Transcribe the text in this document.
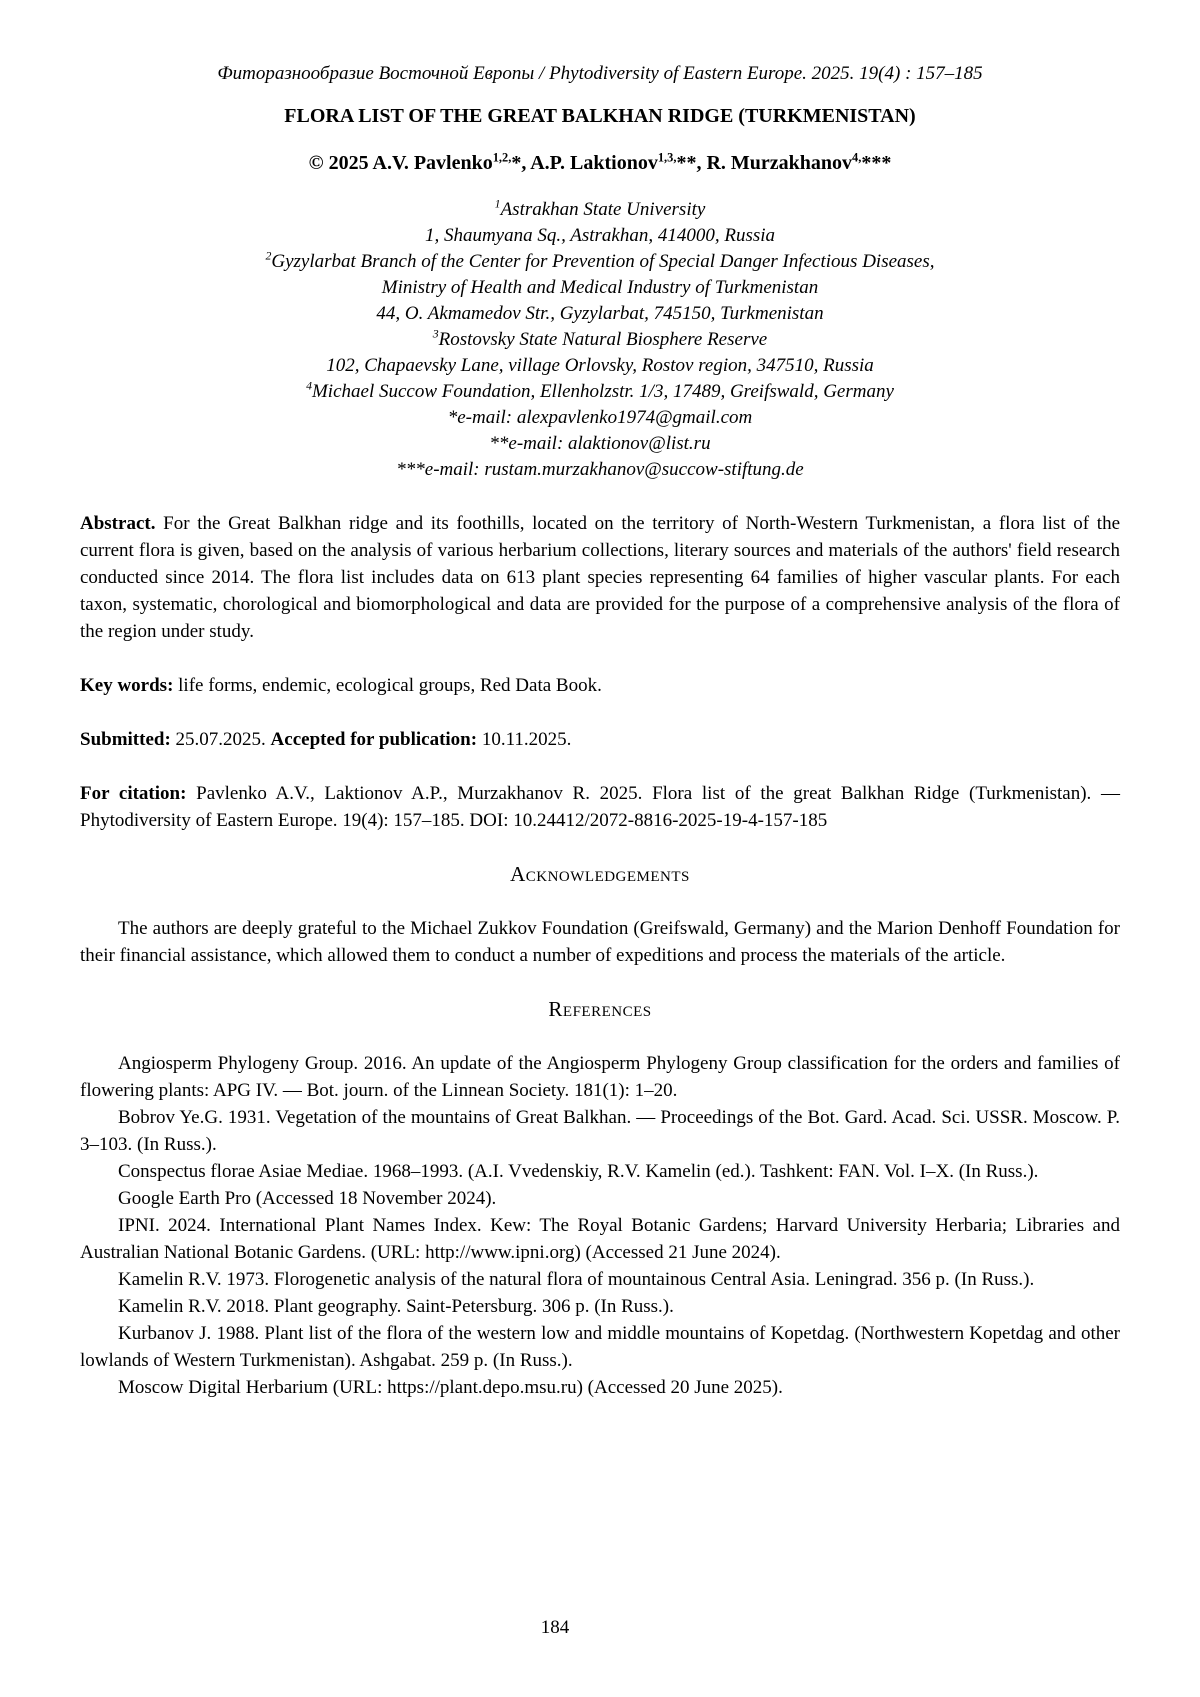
Фиторазнообразие Восточной Европы / Phytodiversity of Eastern Europe. 2025. 19(4) : 157–185
FLORA LIST OF THE GREAT BALKHAN RIDGE (TURKMENISTAN)
© 2025 A.V. Pavlenko$^{1,2,}$*, A.P. Laktionov$^{1,3,}$**, R. Murzakhanov$^{4,}$***
$^1$Astrakhan State University
1, Shaumyana Sq., Astrakhan, 414000, Russia
$^2$Gyzylarbat Branch of the Center for Prevention of Special Danger Infectious Diseases,
Ministry of Health and Medical Industry of Turkmenistan
44, O. Akmamedov Str., Gyzylarbat, 745150, Turkmenistan
$^3$Rostovsky State Natural Biosphere Reserve
102, Chapaevsky Lane, village Orlovsky, Rostov region, 347510, Russia
$^4$Michael Succow Foundation, Ellenholzstr. 1/3, 17489, Greifswald, Germany
*e-mail: alexpavlenko1974@gmail.com
**e-mail: alaktionov@list.ru
***e-mail: rustam.murzakhanov@succow-stiftung.de

Abstract. For the Great Balkhan ridge and its foothills, located on the territory of North-Western Turkmenistan, a flora list of the current flora is given, based on the analysis of various herbarium collections, literary sources and materials of the authors' field research conducted since 2014. The flora list includes data on 613 plant species representing 64 families of higher vascular plants. For each taxon, systematic, chorological and biomorphological and data are provided for the purpose of a comprehensive analysis of the flora of the region under study.

Key words: life forms, endemic, ecological groups, Red Data Book.

Submitted: 25.07.2025. Accepted for publication: 10.11.2025.

For citation: Pavlenko A.V., Laktionov A.P., Murzakhanov R. 2025. Flora list of the great Balkhan Ridge (Turkmenistan). — Phytodiversity of Eastern Europe. 19(4): 157–185. DOI: 10.24412/2072-8816-2025-19-4-157-185

Acknowledgements

The authors are deeply grateful to the Michael Zukkov Foundation (Greifswald, Germany) and the Marion Denhoff Foundation for their financial assistance, which allowed them to conduct a number of expeditions and process the materials of the article.

References

Angiosperm Phylogeny Group. 2016. An update of the Angiosperm Phylogeny Group classification for the orders and families of flowering plants: APG IV. — Bot. journ. of the Linnean Society. 181(1): 1–20.

Bobrov Ye.G. 1931. Vegetation of the mountains of Great Balkhan. — Proceedings of the Bot. Gard. Acad. Sci. USSR. Moscow. P. 3–103. (In Russ.).

Conspectus florae Asiae Mediae. 1968–1993. (A.I. Vvedenskiy, R.V. Kamelin (ed.). Tashkent: FAN. Vol. I–X. (In Russ.).

Google Earth Pro (Accessed 18 November 2024).

IPNI. 2024. International Plant Names Index. Kew: The Royal Botanic Gardens; Harvard University Herbaria; Libraries and Australian National Botanic Gardens. (URL: http://www.ipni.org) (Accessed 21 June 2024).

Kamelin R.V. 1973. Florogenetic analysis of the natural flora of mountainous Central Asia. Leningrad. 356 p. (In Russ.).

Kamelin R.V. 2018. Plant geography. Saint-Petersburg. 306 p. (In Russ.).

Kurbanov J. 1988. Plant list of the flora of the western low and middle mountains of Kopetdag. (Northwestern Kopetdag and other lowlands of Western Turkmenistan). Ashgabat. 259 p. (In Russ.).

Moscow Digital Herbarium (URL: https://plant.depo.msu.ru) (Accessed 20 June 2025).

184
